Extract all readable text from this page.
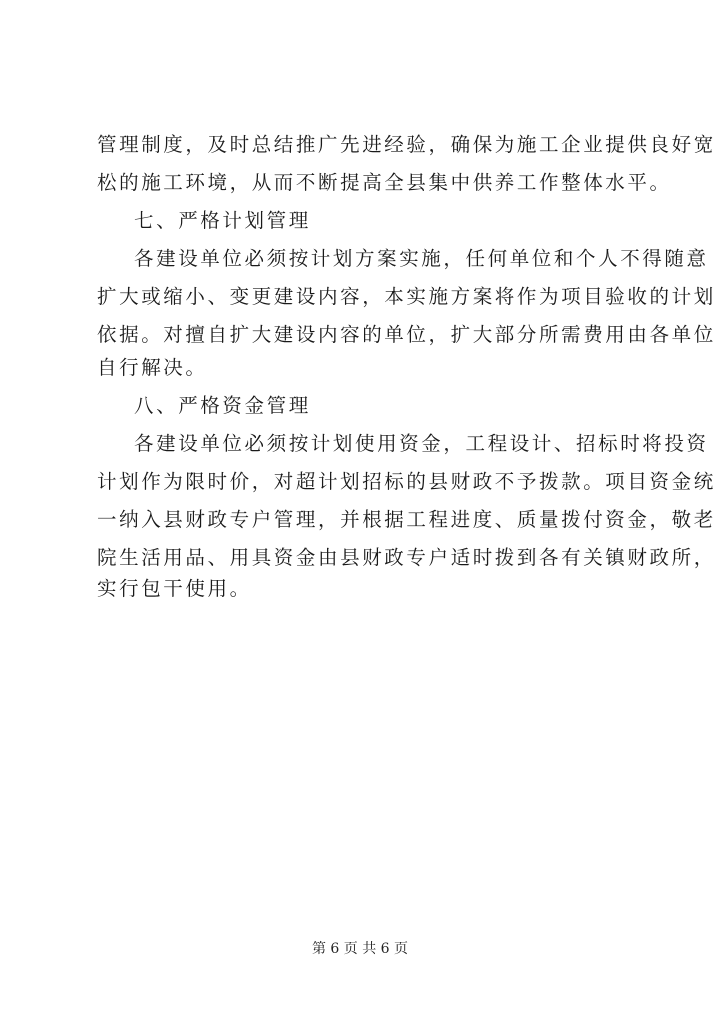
管理制度，及时总结推广先进经验，确保为施工企业提供良好宽
松的施工环境，从而不断提高全县集中供养工作整体水平。
七、严格计划管理
各建设单位必须按计划方案实施，任何单位和个人不得随意
扩大或缩小、变更建设内容，本实施方案将作为项目验收的计划
依据。对擅自扩大建设内容的单位，扩大部分所需费用由各单位
自行解决。
八、严格资金管理
各建设单位必须按计划使用资金，工程设计、招标时将投资
计划作为限时价，对超计划招标的县财政不予拨款。项目资金统
一纳入县财政专户管理，并根据工程进度、质量拨付资金，敬老
院生活用品、用具资金由县财政专户适时拨到各有关镇财政所，
实行包干使用。
第 6 页 共 6 页
